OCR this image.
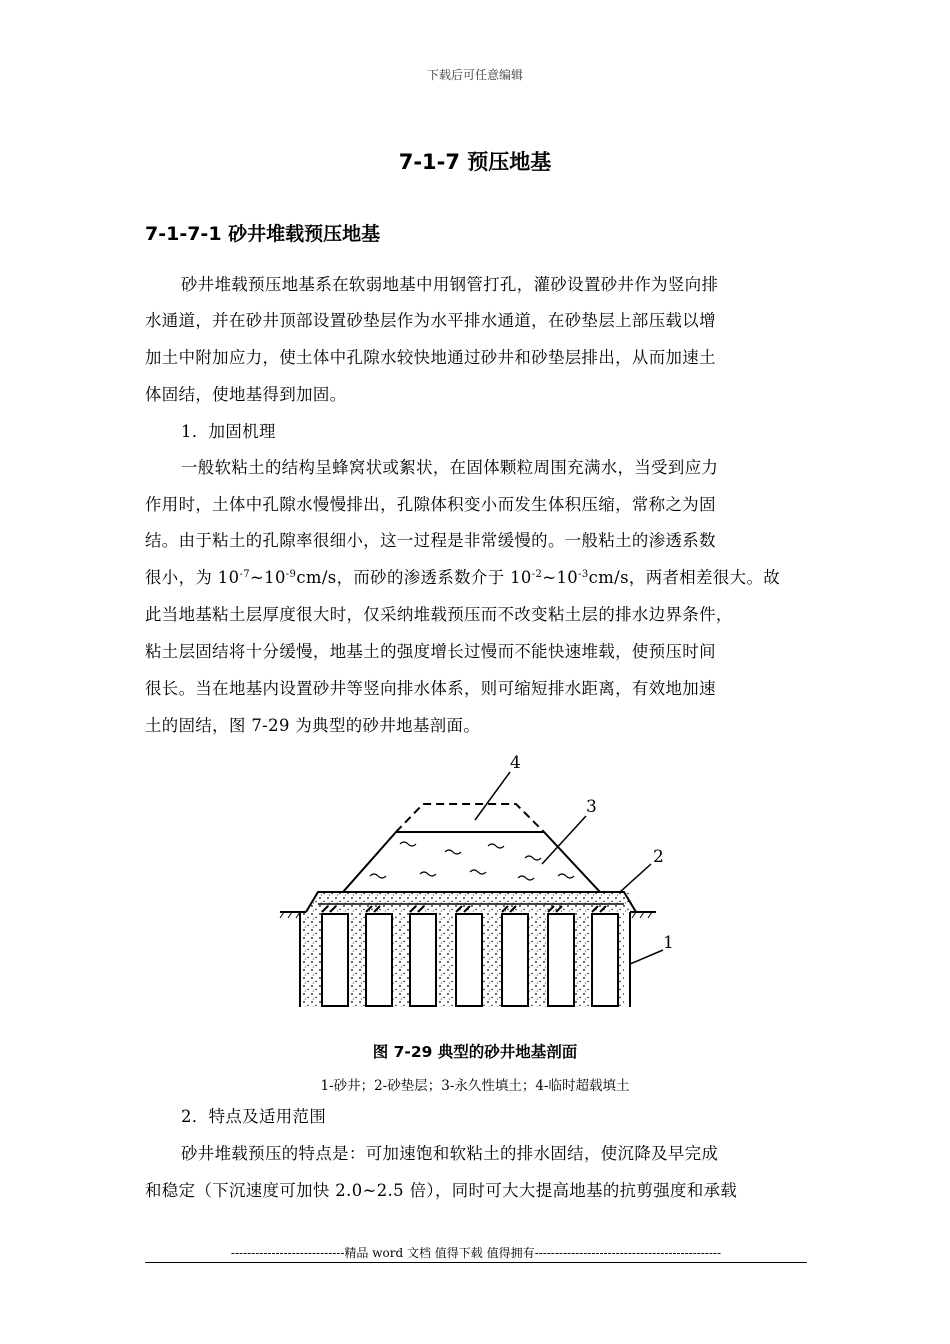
下载后可任意编辑
7-1-7 预压地基
7-1-7-1 砂井堆载预压地基
砂井堆载预压地基系在软弱地基中用钢管打孔，灌砂设置砂井作为竖向排
水通道，并在砂井顶部设置砂垫层作为水平排水通道，在砂垫层上部压载以增
加土中附加应力，使土体中孔隙水较快地通过砂井和砂垫层排出，从而加速土
体固结，使地基得到加固。
1．加固机理
一般软粘土的结构呈蜂窝状或絮状，在固体颗粒周围充满水，当受到应力
作用时，土体中孔隙水慢慢排出，孔隙体积变小而发生体积压缩，常称之为固
结。由于粘土的孔隙率很细小，这一过程是非常缓慢的。一般粘土的渗透系数
很小，为 $10^{-7}\sim 10^{-9}cm/s$，而砂的渗透系数介于 $10^{-2}\sim 10^{-3}cm/s$，两者相差很大。故
此当地基粘土层厚度很大时，仅采纳堆载预压而不改变粘土层的排水边界条件，
粘土层固结将十分缓慢，地基土的强度增长过慢而不能快速堆载，使预压时间
很长。当在地基内设置砂井等竖向排水体系，则可缩短排水距离，有效地加速
土的固结，图 7-29 为典型的砂井地基剖面。
4
3
2
1
图 7-29 典型的砂井地基剖面
1-砂井；2-砂垫层；3-永久性填土；4-临时超载填土
2．特点及适用范围
砂井堆载预压的特点是：可加速饱和软粘土的排水固结，使沉降及早完成
和稳定（下沉速度可加快 2.0~2.5 倍），同时可大大提高地基的抗剪强度和承载
----------------------------精品 word 文档 值得下载 值得拥有----------------------------------------------
